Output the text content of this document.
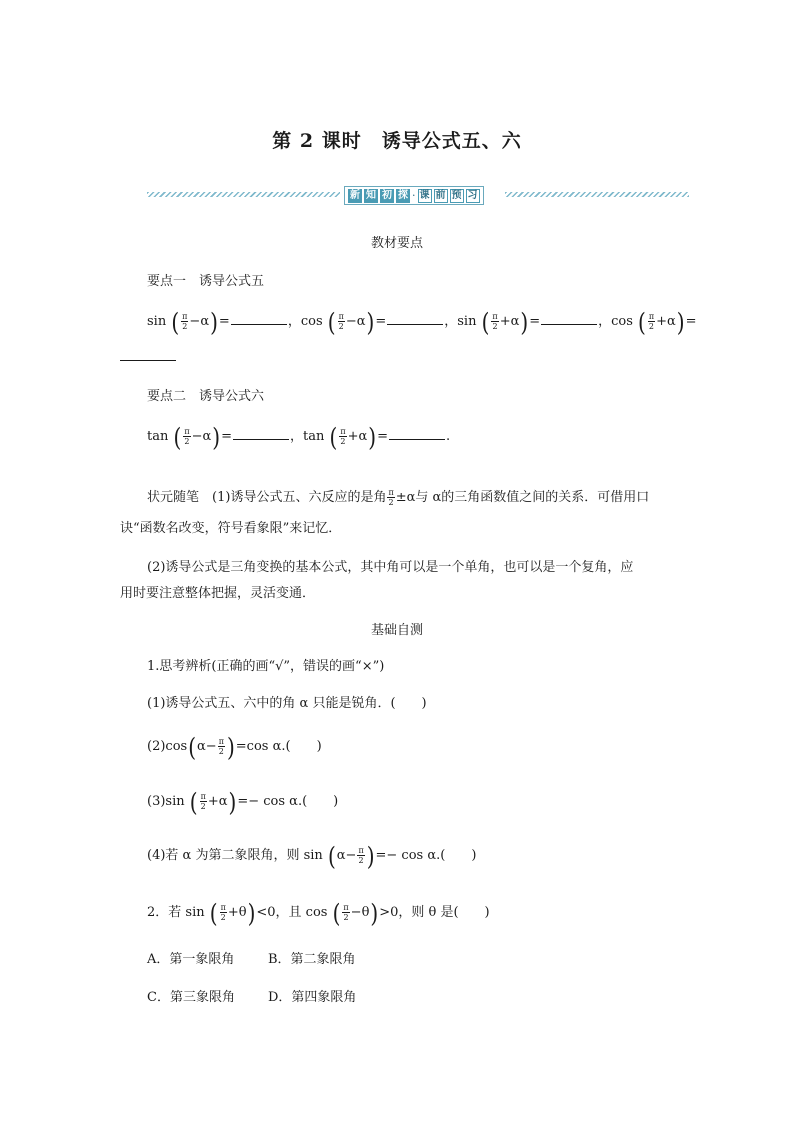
第 2 课时　诱导公式五、六
新 知 初 探 · 课 前 预 习
教材要点
要点一　诱导公式五
sin ( $\frac{\pi}{2} -\alpha)=$	，cos ( $\frac{\pi}{2} -\alpha)=$	，sin ( $\frac{\pi}{2} +\alpha)=$	，cos ( $\frac{\pi}{2} +\alpha)=$
要点二　诱导公式六
tan ( $\frac{\pi}{2} -\alpha)=$	，tan ( $\frac{\pi}{2} +\alpha)=$	.
状元随笔　 (1)诱导公式五、六反应的是角 $\frac{\pi}{2} \pm\alpha$与 α的三角函数值之间的关系．可借用口
诀“函数名改变，符号看象限”来记忆．
(2)诱导公式是三角变换的基本公式，其中角可以是一个单角，也可以是一个复角，应
用时要注意整体把握，灵活变通．
基础自测
1.思考辨析(正确的画“√”，错误的画“×”)
(1)诱导公式五、六中的角 α 只能是锐角．(　　)
$(2)\cos(\alpha- \frac{\pi}{2} )=\cos$ α.(　　)
(3)sin ( $\frac{\pi}{2} +\alpha)=- \cos \alpha$.(　　)
(4)若 α 为第二象限角，则 $\sin (\alpha- \frac{\pi}{2}$ )=− cos α.(　　)
2．若 sin ( $\frac{\pi}{2} +\theta)<0$，且 cos ( $\frac{\pi}{2} -\theta)>0$，则 θ 是(　　)
A．第一象限角	B．第二象限角
C．第三象限角	D．第四象限角
